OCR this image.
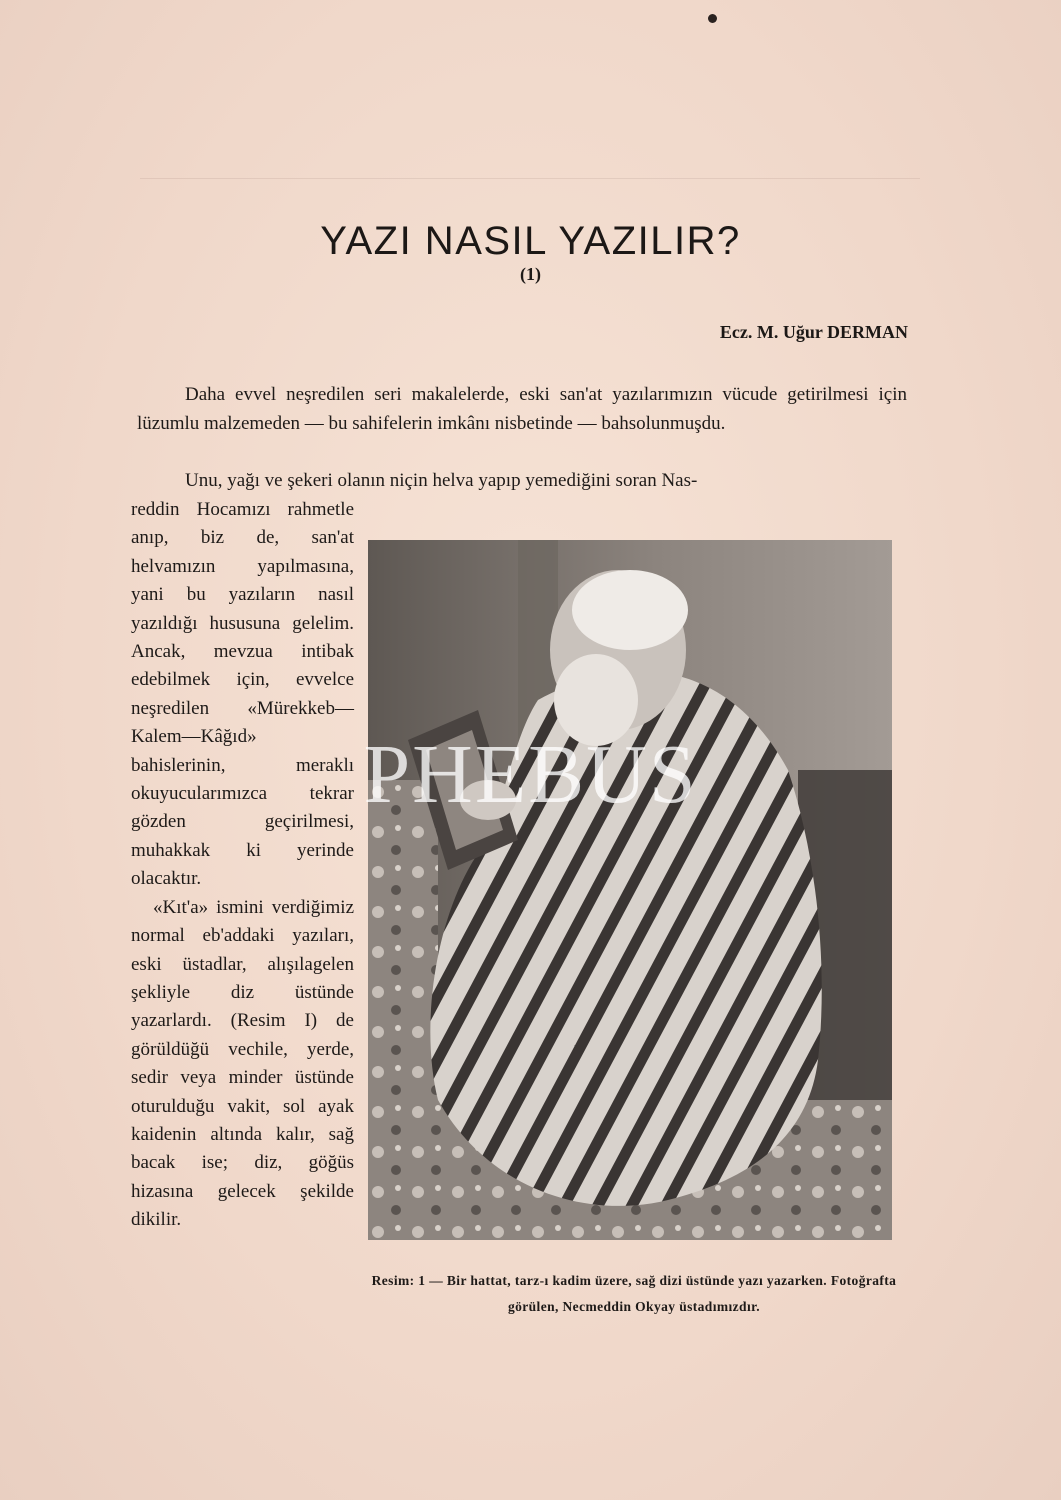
YAZI NASIL YAZILIR?
(1)
Ecz. M. Uğur DERMAN

Daha evvel neşredilen seri makalelerde, eski san'at yazılarımızın vücude getirilmesi için lüzumlu malzemeden — bu sahifelerin imkânı nisbetinde — bahsolunmuşdu.

Unu, yağı ve şekeri olanın niçin helva yapıp yemediğini soran Nas-

reddin Hocamızı rahmetle anıp, biz de, san'at helvamızın yapılmasına, yani bu yazıların nasıl yazıldığı hususuna gelelim. Ancak, mevzua intibak edebilmek için, evvelce neşredilen «Mürekkeb—Kalem—Kâğıd» bahislerinin, meraklı okuyucularımızca tekrar gözden geçirilmesi, muhakkak ki yerinde olacaktır.

«Kıt'a» ismini verdiğimiz normal eb'addaki yazıları, eski üstadlar, alışılagelen şekliyle diz üstünde yazarlardı. (Resim I) de görüldüğü vechile, yerde, sedir veya minder üstünde oturulduğu vakit, sol ayak kaidenin altında kalır, sağ bacak ise; diz, göğüs hizasına gelecek şekilde dikilir.

Resim: 1 — Bir hattat, tarz-ı kadim üzere, sağ dizi üstünde yazı yazarken. Fotoğrafta görülen, Necmeddin Okyay üstadımızdır.
PHEBUS
